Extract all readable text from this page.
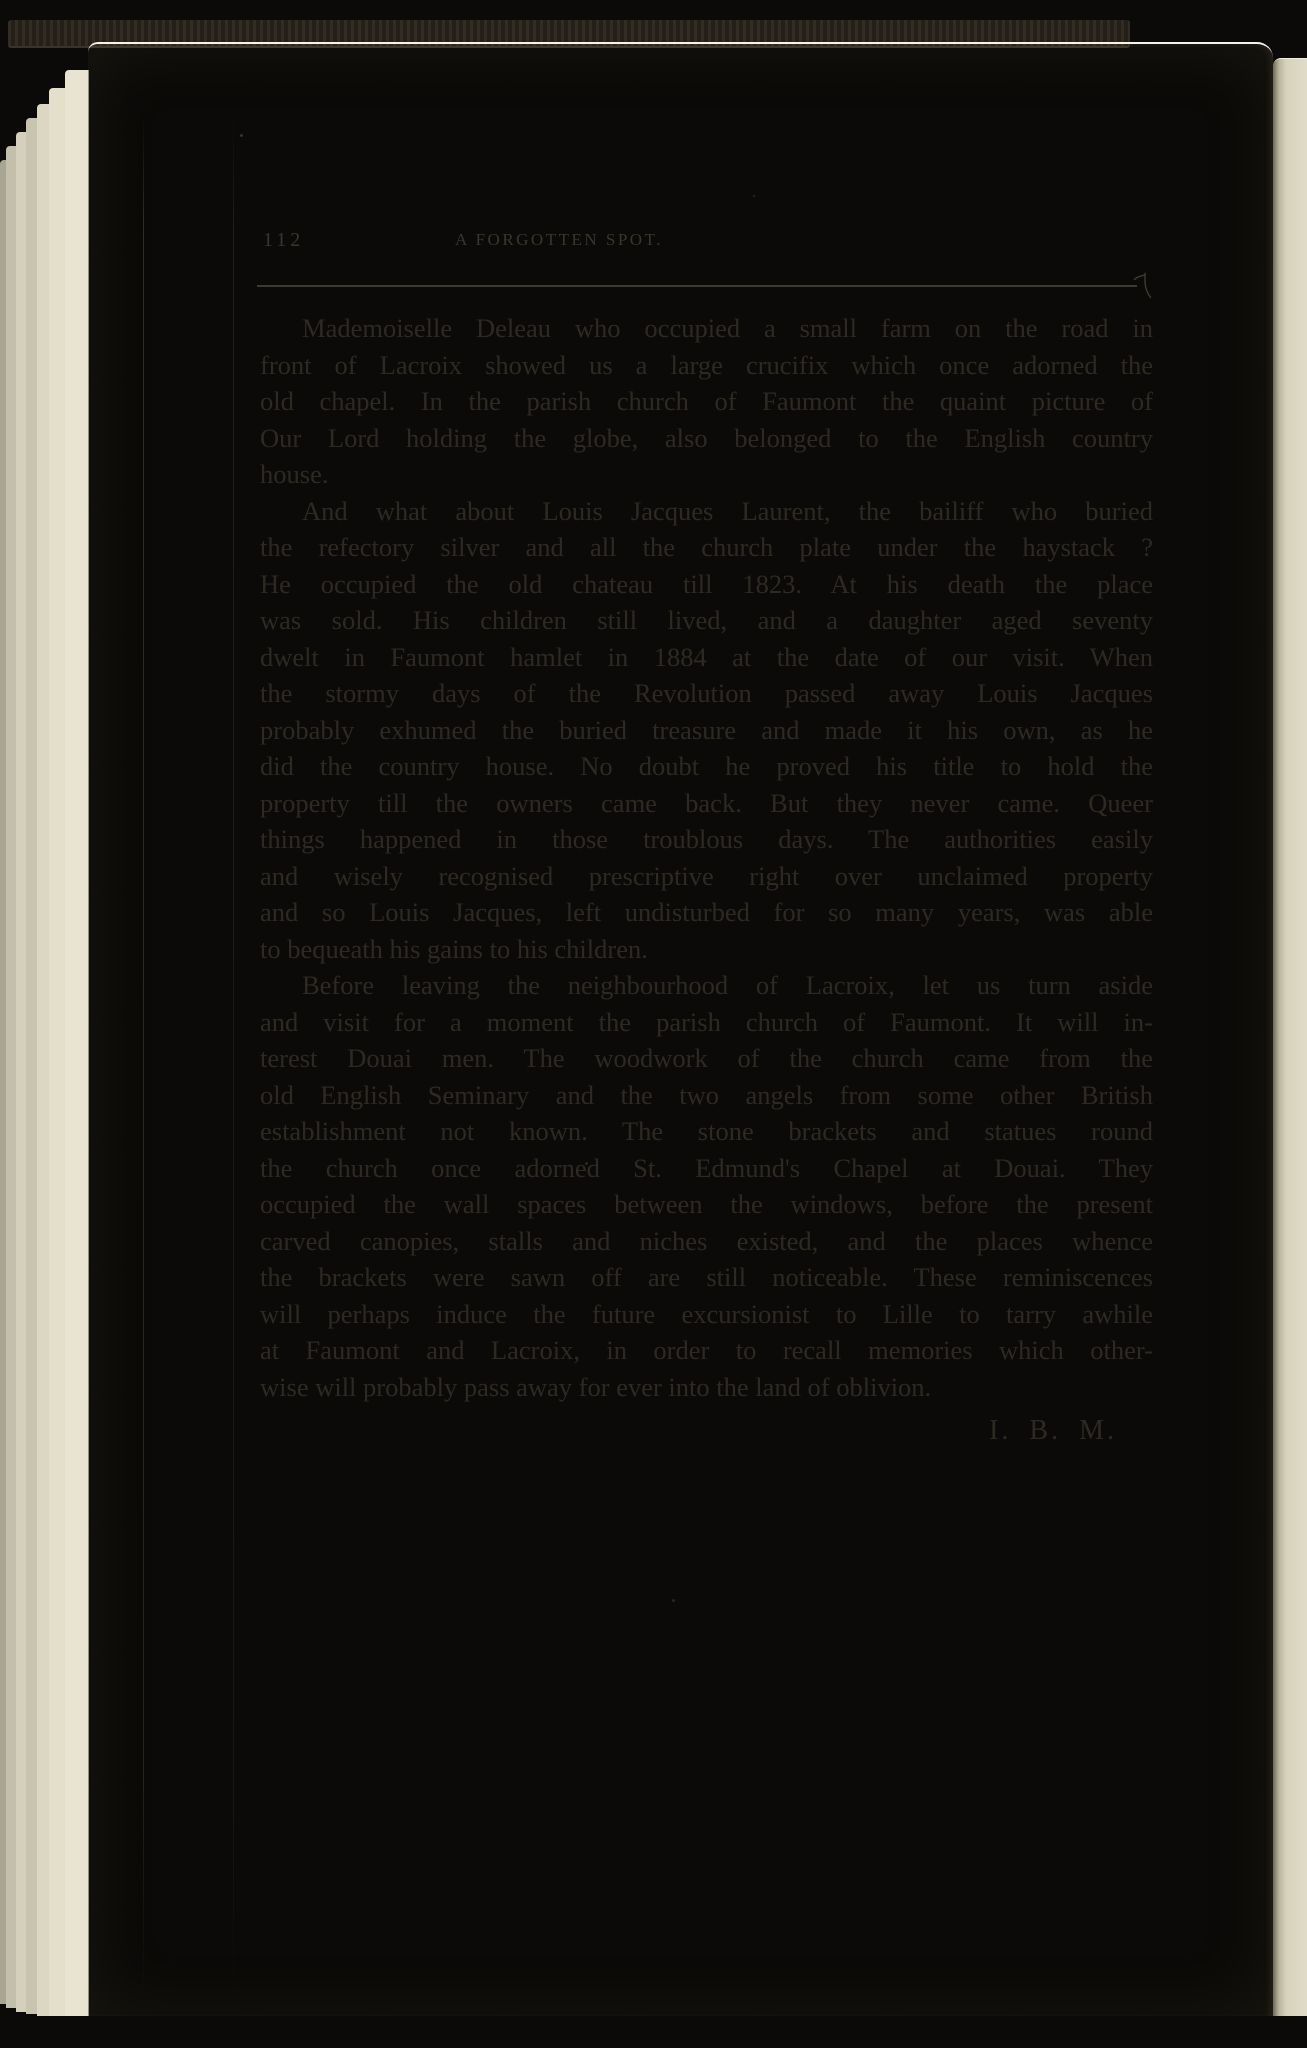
112	A FORGOTTEN SPOT.
Mademoiselle Deleau who occupied a small farm on the road in
front of Lacroix showed us a large crucifix which once adorned the
old chapel. In the parish church of Faumont the quaint picture of
Our Lord holding the globe, also belonged to the English country
house.
And what about Louis Jacques Laurent, the bailiff who buried
the refectory silver and all the church plate under the haystack ?
He occupied the old chateau till 1823. At his death the place
was sold. His children still lived, and a daughter aged seventy
dwelt in Faumont hamlet in 1884 at the date of our visit. When
the stormy days of the Revolution passed away Louis Jacques
probably exhumed the buried treasure and made it his own, as he
did the country house. No doubt he proved his title to hold the
property till the owners came back. But they never came. Queer
things happened in those troublous days. The authorities easily
and wisely recognised prescriptive right over unclaimed property
and so Louis Jacques, left undisturbed for so many years, was able
to bequeath his gains to his children.
Before leaving the neighbourhood of Lacroix, let us turn aside
and visit for a moment the parish church of Faumont. It will in-
terest Douai men. The woodwork of the church came from the
old English Seminary and the two angels from some other British
establishment not known. The stone brackets and statues round
the church once adorned St. Edmund's Chapel at Douai. They
occupied the wall spaces between the windows, before the present
carved canopies, stalls and niches existed, and the places whence
the brackets were sawn off are still noticeable. These reminiscences
will perhaps induce the future excursionist to Lille to tarry awhile
at Faumont and Lacroix, in order to recall memories which other-
wise will probably pass away for ever into the land of oblivion.
I. B. M.
